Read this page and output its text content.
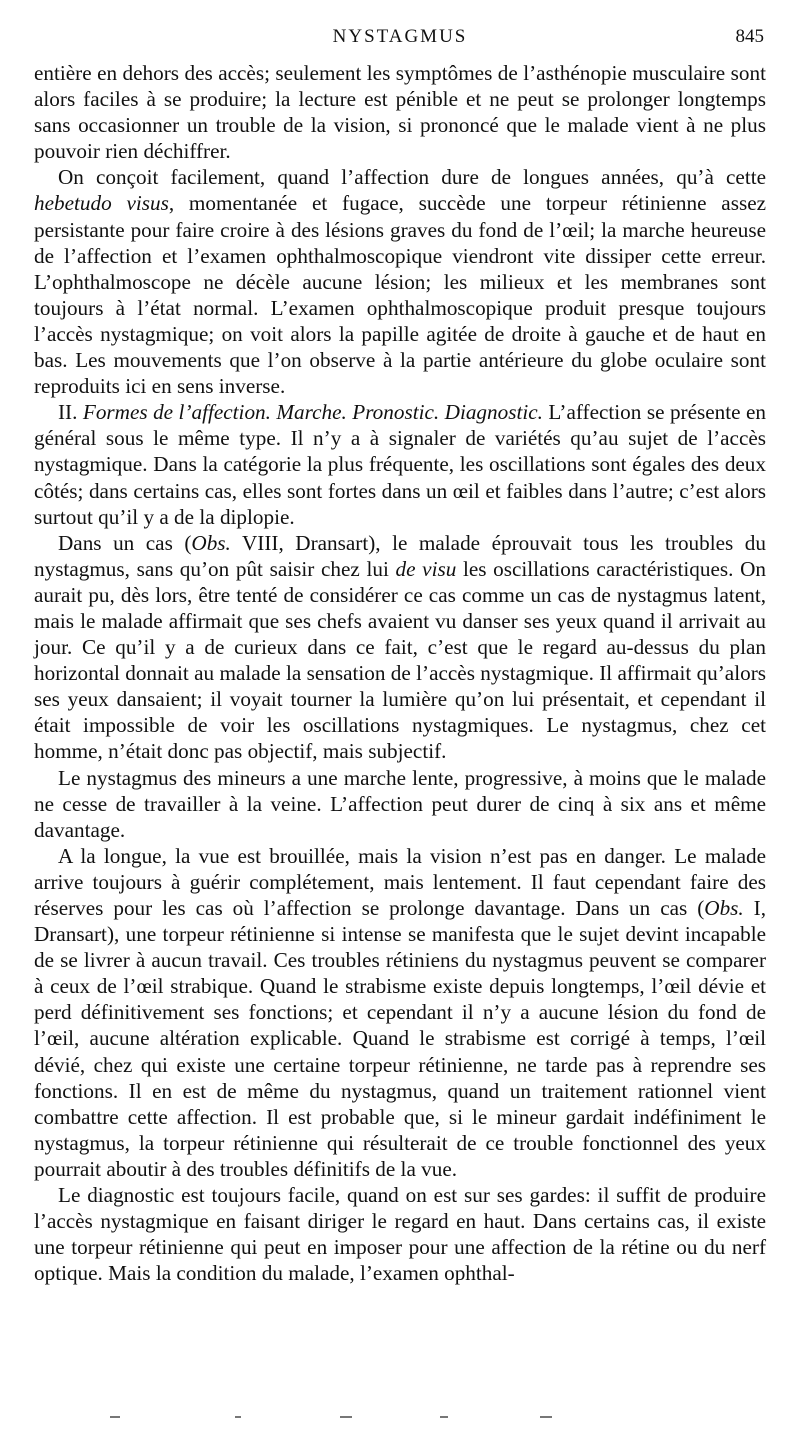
NYSTAGMUS	845

entière en dehors des accès; seulement les symptômes de l’asthénopie musculaire sont alors faciles à se produire; la lecture est pénible et ne peut se prolonger longtemps sans occasionner un trouble de la vision, si prononcé que le malade vient à ne plus pouvoir rien déchiffrer.

On conçoit facilement, quand l’affection dure de longues années, qu’à cette hebetudo visus, momentanée et fugace, succède une torpeur rétinienne assez persistante pour faire croire à des lésions graves du fond de l’œil; la marche heureuse de l’affection et l’examen ophthalmoscopique viendront vite dissiper cette erreur. L’ophthalmoscope ne décèle aucune lésion; les milieux et les membranes sont toujours à l’état normal. L’examen ophthalmoscopique produit presque toujours l’accès nystagmique; on voit alors la papille agitée de droite à gauche et de haut en bas. Les mouvements que l’on observe à la partie antérieure du globe oculaire sont reproduits ici en sens inverse.

II. Formes de l’affection. Marche. Pronostic. Diagnostic. L’affection se présente en général sous le même type. Il n’y a à signaler de variétés qu’au sujet de l’accès nystagmique. Dans la catégorie la plus fréquente, les oscillations sont égales des deux côtés; dans certains cas, elles sont fortes dans un œil et faibles dans l’autre; c’est alors surtout qu’il y a de la diplopie.

Dans un cas (Obs. VIII, Dransart), le malade éprouvait tous les troubles du nystagmus, sans qu’on pût saisir chez lui de visu les oscillations caractéristiques. On aurait pu, dès lors, être tenté de considérer ce cas comme un cas de nystagmus latent, mais le malade affirmait que ses chefs avaient vu danser ses yeux quand il arrivait au jour. Ce qu’il y a de curieux dans ce fait, c’est que le regard au-dessus du plan horizontal donnait au malade la sensation de l’accès nystagmique. Il affirmait qu’alors ses yeux dansaient; il voyait tourner la lumière qu’on lui présentait, et cependant il était impossible de voir les oscillations nystagmiques. Le nystagmus, chez cet homme, n’était donc pas objectif, mais subjectif.

Le nystagmus des mineurs a une marche lente, progressive, à moins que le malade ne cesse de travailler à la veine. L’affection peut durer de cinq à six ans et même davantage.

A la longue, la vue est brouillée, mais la vision n’est pas en danger. Le malade arrive toujours à guérir complétement, mais lentement. Il faut cependant faire des réserves pour les cas où l’affection se prolonge davantage. Dans un cas (Obs. I, Dransart), une torpeur rétinienne si intense se manifesta que le sujet devint incapable de se livrer à aucun travail. Ces troubles rétiniens du nystagmus peuvent se comparer à ceux de l’œil strabique. Quand le strabisme existe depuis longtemps, l’œil dévie et perd définitivement ses fonctions; et cependant il n’y a aucune lésion du fond de l’œil, aucune altération explicable. Quand le strabisme est corrigé à temps, l’œil dévié, chez qui existe une certaine torpeur rétinienne, ne tarde pas à reprendre ses fonctions. Il en est de même du nystagmus, quand un traitement rationnel vient combattre cette affection. Il est probable que, si le mineur gardait indéfiniment le nystagmus, la torpeur rétinienne qui résulterait de ce trouble fonctionnel des yeux pourrait aboutir à des troubles définitifs de la vue.

Le diagnostic est toujours facile, quand on est sur ses gardes: il suffit de produire l’accès nystagmique en faisant diriger le regard en haut. Dans certains cas, il existe une torpeur rétinienne qui peut en imposer pour une affection de la rétine ou du nerf optique. Mais la condition du malade, l’examen ophthal-
